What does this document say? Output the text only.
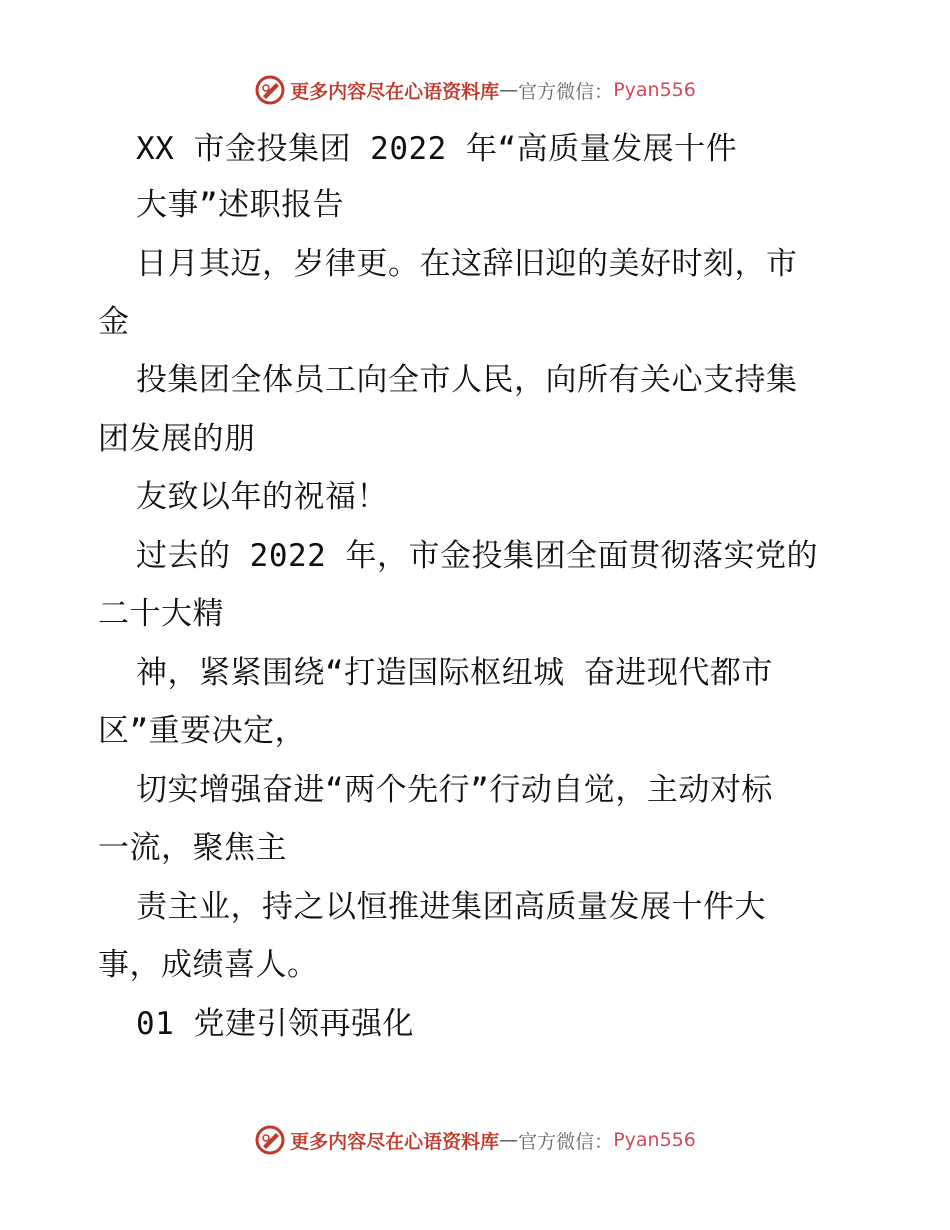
更多内容尽在心语资料库 — 官方微信： Pyan556
XX 市金投集团 2022 年“高质量发展十件
大事”述职报告
日月其迈，岁律更。在这辞旧迎的美好时刻，市
金
投集团全体员工向全市人民，向所有关心支持集
团发展的朋
友致以年的祝福！
过去的 2022 年，市金投集团全面贯彻落实党的
二十大精
神，紧紧围绕“打造国际枢纽城 奋进现代都市
区”重要决定，
切实增强奋进“两个先行”行动自觉，主动对标
一流，聚焦主
责主业，持之以恒推进集团高质量发展十件大
事，成绩喜人。
01 党建引领再强化
更多内容尽在心语资料库 — 官方微信： Pyan556
